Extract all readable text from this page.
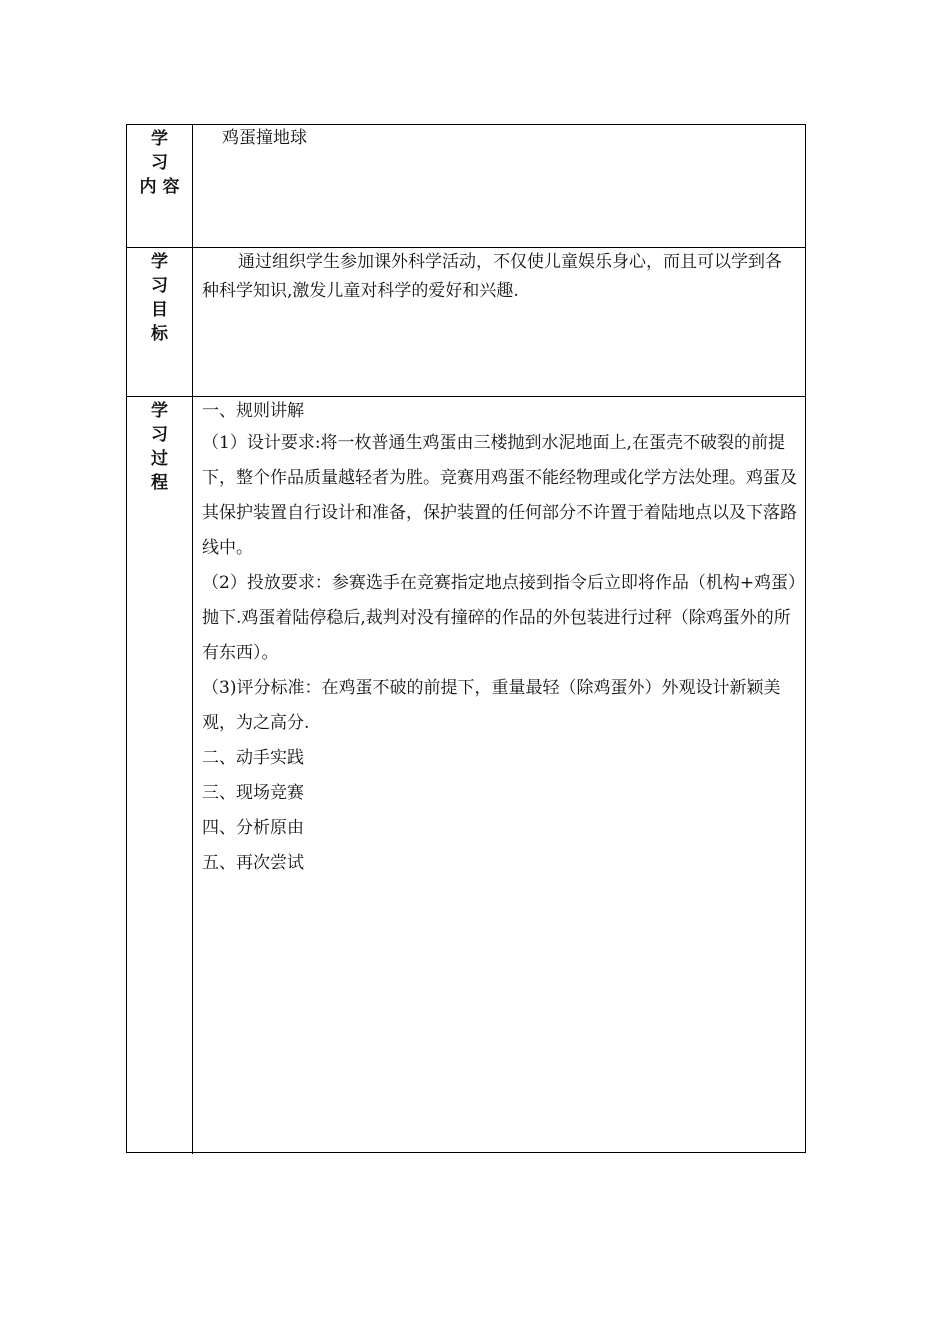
学
习
内 容
鸡蛋撞地球
学
习
目
标

通过组织学生参加课外科学活动，不仅使儿童娱乐身心，而且可以学到各种科学知识,激发儿童对科学的爱好和兴趣.

学
习
过
程

一、规则讲解

（1）设计要求:将一枚普通生鸡蛋由三楼抛到水泥地面上,在蛋壳不破裂的前提下，整个作品质量越轻者为胜。竞赛用鸡蛋不能经物理或化学方法处理。鸡蛋及其保护装置自行设计和准备，保护装置的任何部分不许置于着陆地点以及下落路线中。

（2）投放要求：参赛选手在竞赛指定地点接到指令后立即将作品（机构+鸡蛋）抛下.鸡蛋着陆停稳后,裁判对没有撞碎的作品的外包装进行过秤（除鸡蛋外的所有东西）。

（3)评分标准：在鸡蛋不破的前提下，重量最轻（除鸡蛋外）外观设计新颖美观，为之高分.

二、动手实践

三、现场竞赛

四、分析原由

五、再次尝试
